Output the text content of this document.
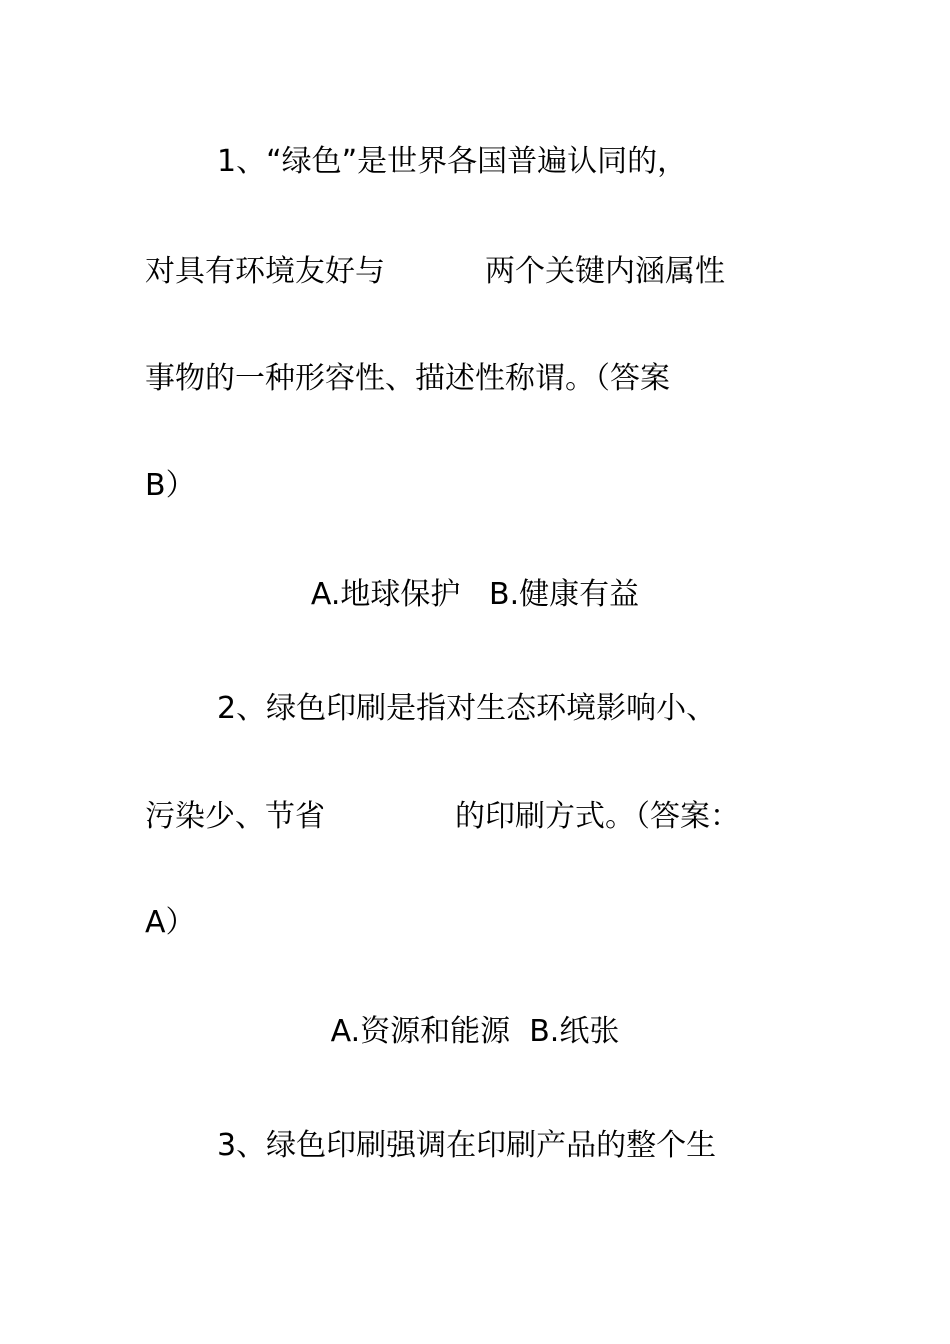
1、“绿色”是世界各国普遍认同的，

对具有环境友好与	两个关键内涵属性

事物的一种形容性、描述性称谓。（答案

B）

A.地球保护   B.健康有益

2、绿色印刷是指对生态环境影响小、

污染少、节省	的印刷方式。（答案：

A）

A.资源和能源  B.纸张

3、绿色印刷强调在印刷产品的整个生
